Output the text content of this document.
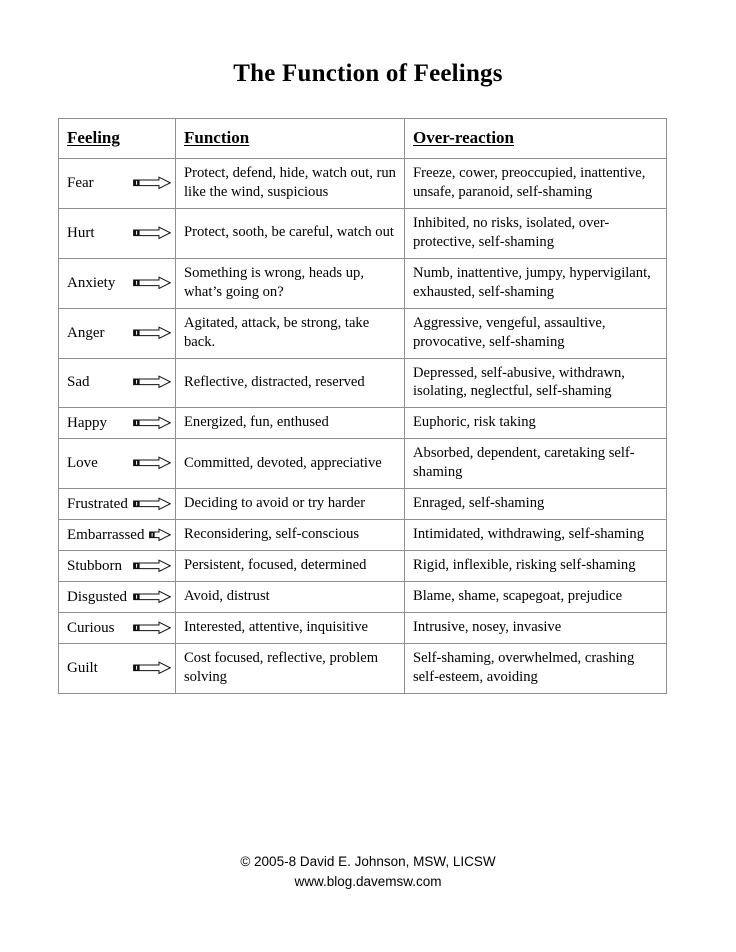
The Function of Feelings
Feeling	Function	Over-reaction

Fear	Protect, defend, hide, watch out, run like the wind, suspicious	Freeze, cower, preoccupied, inattentive, unsafe, paranoid, self-shaming

Hurt	Protect, sooth, be careful, watch out	Inhibited, no risks, isolated, over-protective, self-shaming

Anxiety	Something is wrong, heads up, what’s going on?	Numb, inattentive, jumpy, hypervigilant, exhausted, self-shaming

Anger	Agitated, attack, be strong, take back.	Aggressive, vengeful, assaultive, provocative, self-shaming

Sad	Reflective, distracted, reserved	Depressed, self-abusive, withdrawn, isolating, neglectful, self-shaming

Happy	Energized, fun, enthused	Euphoric, risk taking

Love	Committed, devoted, appreciative	Absorbed, dependent, caretaking self-shaming

Frustrated	Deciding to avoid or try harder	Enraged, self-shaming

Embarrassed	Reconsidering, self-conscious	Intimidated, withdrawing, self-shaming

Stubborn	Persistent, focused, determined	Rigid, inflexible, risking self-shaming

Disgusted	Avoid, distrust	Blame, shame, scapegoat, prejudice

Curious	Interested, attentive, inquisitive	Intrusive, nosey, invasive

Guilt	Cost focused, reflective, problem solving	Self-shaming, overwhelmed, crashing self-esteem, avoiding
© 2005-8 David E. Johnson, MSW, LICSW
www.blog.davemsw.com
